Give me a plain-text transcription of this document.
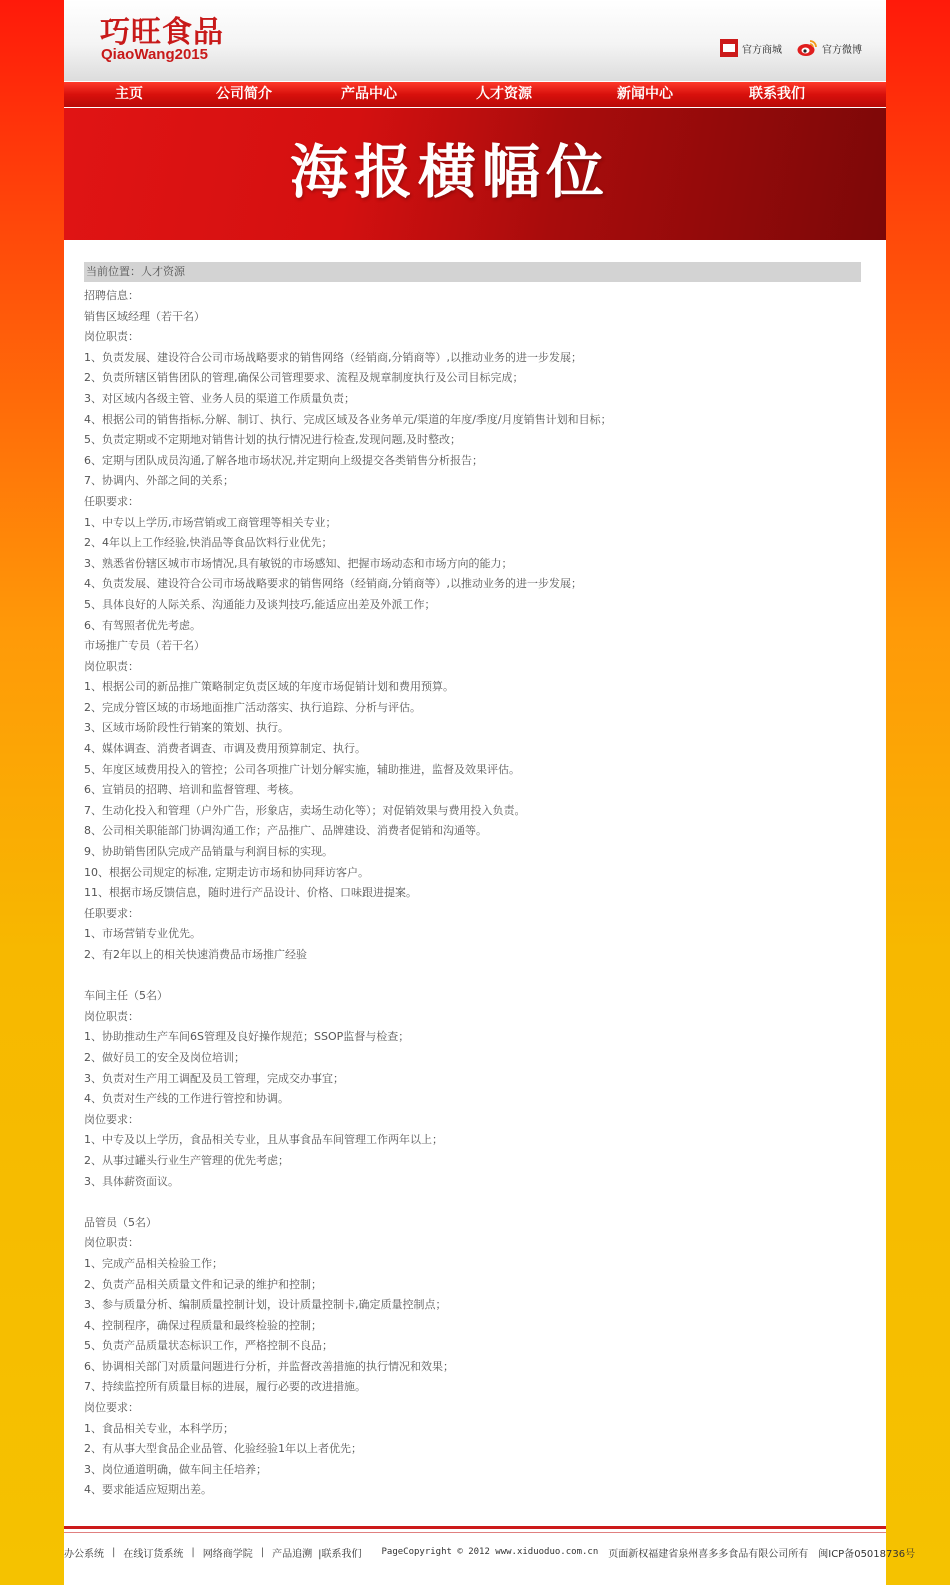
巧旺食品
QiaoWang2015	官方商城	官方微博
主页	公司简介	产品中心	人才资源	新闻中心	联系我们
海报横幅位
当前位置：人才资源
招聘信息：
销售区域经理（若干名）
岗位职责：
1、负责发展、建设符合公司市场战略要求的销售网络（经销商,分销商等）,以推动业务的进一步发展；
2、负责所辖区销售团队的管理,确保公司管理要求、流程及规章制度执行及公司目标完成；
3、对区域内各级主管、业务人员的渠道工作质量负责；
4、根据公司的销售指标,分解、制订、执行、完成区域及各业务单元/渠道的年度/季度/月度销售计划和目标；
5、负责定期或不定期地对销售计划的执行情况进行检查,发现问题,及时整改；
6、定期与团队成员沟通,了解各地市场状况,并定期向上级提交各类销售分析报告；
7、协调内、外部之间的关系；
任职要求：
1、中专以上学历,市场营销或工商管理等相关专业；
2、4年以上工作经验,快消品等食品饮料行业优先；
3、熟悉省份辖区城市市场情况,具有敏锐的市场感知、把握市场动态和市场方向的能力；
4、负责发展、建设符合公司市场战略要求的销售网络（经销商,分销商等）,以推动业务的进一步发展；
5、具体良好的人际关系、沟通能力及谈判技巧,能适应出差及外派工作；
6、有驾照者优先考虑。
市场推广专员（若干名）
岗位职责：
1、根据公司的新品推广策略制定负责区域的年度市场促销计划和费用预算。
2、完成分管区域的市场地面推广活动落实、执行追踪、分析与评估。
3、区域市场阶段性行销案的策划、执行。
4、媒体调查、消费者调查、市调及费用预算制定、执行。
5、年度区域费用投入的管控；公司各项推广计划分解实施，辅助推进，监督及效果评估。
6、宣销员的招聘、培训和监督管理、考核。
7、生动化投入和管理（户外广告，形象店，卖场生动化等）；对促销效果与费用投入负责。
8、公司相关职能部门协调沟通工作；产品推广、品牌建设、消费者促销和沟通等。
9、协助销售团队完成产品销量与利润目标的实现。
10、根据公司规定的标准, 定期走访市场和协同拜访客户。
11、根据市场反馈信息，随时进行产品设计、价格、口味跟进提案。
任职要求：
1、市场营销专业优先。
2、有2年以上的相关快速消费品市场推广经验
车间主任（5名）
岗位职责：
1、协助推动生产车间6S管理及良好操作规范；SSOP监督与检查；
2、做好员工的安全及岗位培训；
3、负责对生产用工调配及员工管理，完成交办事宜；
4、负责对生产线的工作进行管控和协调。
岗位要求：
1、中专及以上学历，食品相关专业，且从事食品车间管理工作两年以上；
2、从事过罐头行业生产管理的优先考虑；
3、具体薪资面议。
品管员（5名）
岗位职责：
1、完成产品相关检验工作；
2、负责产品相关质量文件和记录的维护和控制；
3、参与质量分析、编制质量控制计划，设计质量控制卡,确定质量控制点；
4、控制程序，确保过程质量和最终检验的控制；
5、负责产品质量状态标识工作，严格控制不良品；
6、协调相关部门对质量问题进行分析，并监督改善措施的执行情况和效果；
7、持续监控所有质量目标的进展，履行必要的改进措施。
岗位要求：
1、食品相关专业，本科学历；
2、有从事大型食品企业品管、化验经验1年以上者优先；
3、岗位通道明确，做车间主任培养；
4、要求能适应短期出差。
办公系统 | 在线订货系统 | 网络商学院 | 产品追溯 |联系我们 PageCopyright © 2012 www.xiduoduo.com.cn 页面新权福建省泉州喜多多食品有限公司所有 闽ICP备05018736号
